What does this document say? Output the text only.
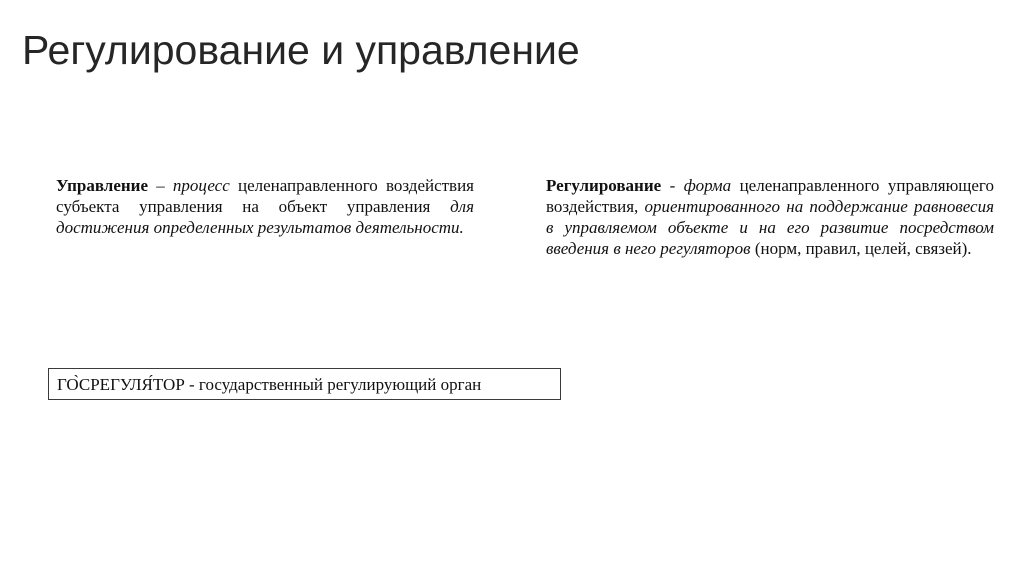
Регулирование и управление

Управление – процесс целенаправленного воздействия субъекта управления на объект управления для достижения определенных результатов деятельности.

Регулирование - форма целенаправленного управляющего воздействия, ориентированного на поддержание равновесия в управляемом объекте и на его развитие посредством введения в него регуляторов (норм, правил, целей, связей).

ГО̀СРЕГУЛЯ́ТОР - государственный регулирующий орган
